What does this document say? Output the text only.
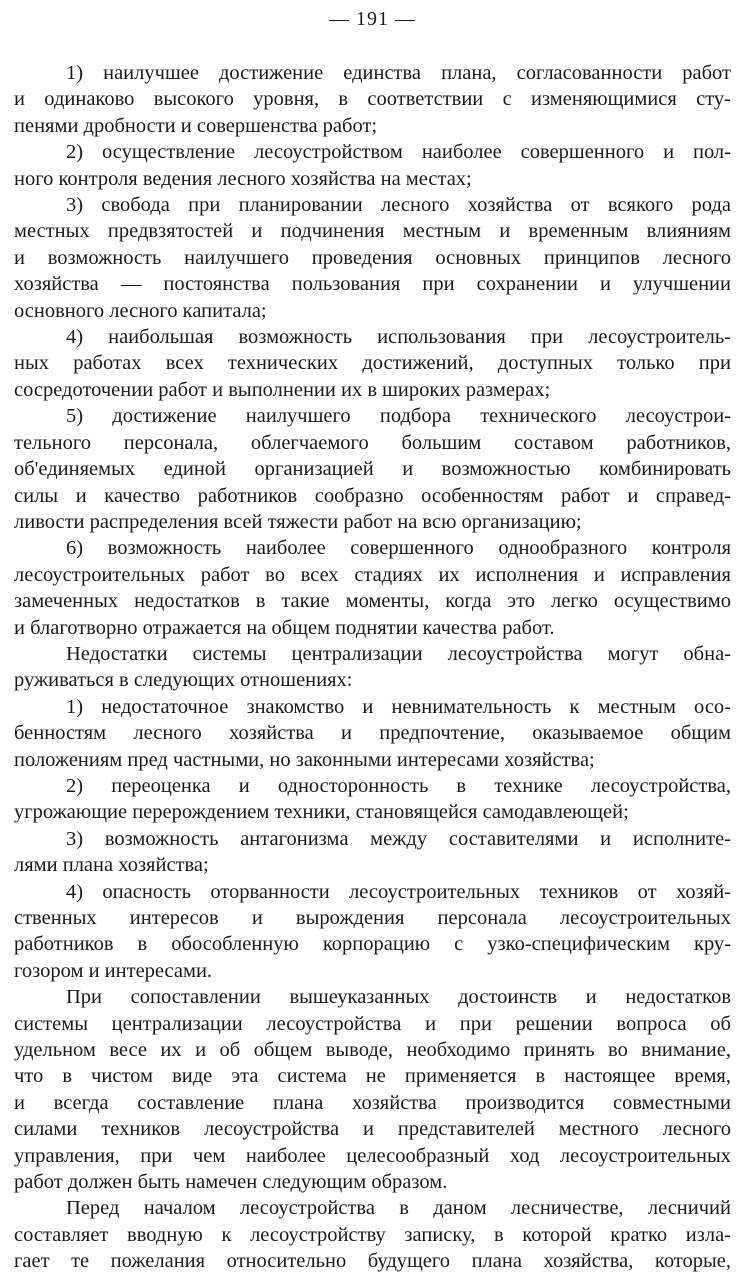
— 191 —
1) наилучшее достижение единства плана, согласованности работ
и одинаково высокого уровня, в соответствии с изменяющимися сту-
пенями дробности и совершенства работ;
2) осуществление лесоустройством наиболее совершенного и пол-
ного контроля ведения лесного хозяйства на местах;
3) свобода при планировании лесного хозяйства от всякого рода
местных предвзятостей и подчинения местным и временным влияниям
и возможность наилучшего проведения основных принципов лесного
хозяйства — постоянства пользования при сохранении и улучшении
основного лесного капитала;
4) наибольшая возможность использования при лесоустроитель-
ных работах всех технических достижений, доступных только при
сосредоточении работ и выполнении их в широких размерах;
5) достижение наилучшего подбора технического лесоустрои-
тельного персонала, облегчаемого большим составом работников,
об'единяемых единой организацией и возможностью комбинировать
силы и качество работников сообразно особенностям работ и справед-
ливости распределения всей тяжести работ на всю организацию;
6) возможность наиболее совершенного однообразного контроля
лесоустроительных работ во всех стадиях их исполнения и исправления
замеченных недостатков в такие моменты, когда это легко осуществимо
и благотворно отражается на общем поднятии качества работ.
Недостатки системы централизации лесоустройства могут обна-
руживаться в следующих отношениях:
1) недостаточное знакомство и невнимательность к местным осо-
бенностям лесного хозяйства и предпочтение, оказываемое общим
положениям пред частными, но законными интересами хозяйства;
2) переоценка и односторонность в технике лесоустройства,
угрожающие перерождением техники, становящейся самодавлеющей;
3) возможность антагонизма между составителями и исполните-
лями плана хозяйства;
4) опасность оторванности лесоустроительных техников от хозяй-
ственных интересов и вырождения персонала лесоустроительных
работников в обособленную корпорацию с узко-специфическим кру-
гозором и интересами.
При сопоставлении вышеуказанных достоинств и недостатков
системы централизации лесоустройства и при решении вопроса об
удельном весе их и об общем выводе, необходимо принять во внимание,
что в чистом виде эта система не применяется в настоящее время,
и всегда составление плана хозяйства производится совместными
силами техников лесоустройства и представителей местного лесного
управления, при чем наиболее целесообразный ход лесоустроительных
работ должен быть намечен следующим образом.
Перед началом лесоустройства в даном лесничестве, лесничий
составляет вводную к лесоустройству записку, в которой кратко изла-
гает те пожелания относительно будущего плана хозяйства, которые,
